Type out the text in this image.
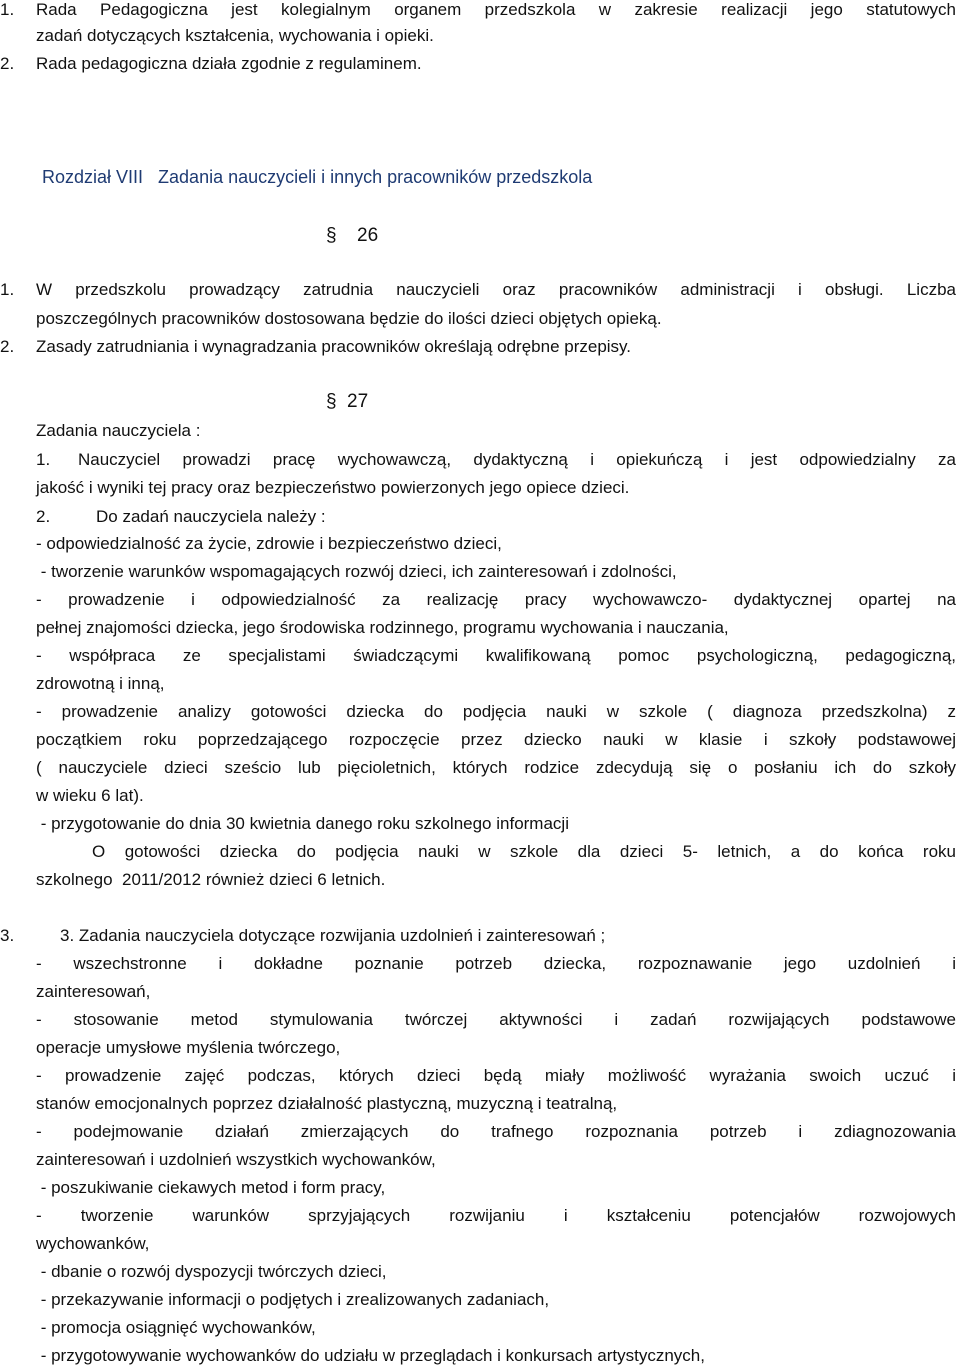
1. Rada Pedagogiczna jest kolegialnym organem przedszkola w zakresie realizacji jego statutowych
zadań dotyczących kształcenia, wychowania i opieki.
2. Rada pedagogiczna działa zgodnie z regulaminem.
Rozdział VIII   Zadania nauczycieli i innych pracowników przedszkola
§ 26
1. W przedszkolu prowadzący zatrudnia nauczycieli oraz pracowników administracji i obsługi. Liczba
poszczególnych pracowników dostosowana będzie do ilości dzieci objętych opieką.
2. Zasady zatrudniania i wynagradzania pracowników określają odrębne przepisy.
§ 27
Zadania nauczyciela :
1. Nauczyciel prowadzi pracę wychowawczą, dydaktyczną i opiekuńczą i jest odpowiedzialny za
jakość i wyniki tej pracy oraz bezpieczeństwo powierzonych jego opiece dzieci.
2.	Do zadań nauczyciela należy :
- odpowiedzialność za życie, zdrowie i bezpieczeństwo dzieci,
- tworzenie warunków wspomagających rozwój dzieci, ich zainteresowań i zdolności,
- prowadzenie i odpowiedzialność za realizację pracy wychowawczo- dydaktycznej opartej na
pełnej znajomości dziecka, jego środowiska rodzinnego, programu wychowania i nauczania,
- współpraca ze specjalistami świadczącymi kwalifikowaną pomoc psychologiczną, pedagogiczną,
zdrowotną i inną,
- prowadzenie analizy gotowości dziecka do podjęcia nauki w szkole ( diagnoza przedszkolna) z
początkiem roku poprzedzającego rozpoczęcie przez dziecko nauki w klasie i szkoły podstawowej
( nauczyciele dzieci sześcio lub pięcioletnich, których rodzice zdecydują się o posłaniu ich do szkoły
w wieku 6 lat).
- przygotowanie do dnia 30 kwietnia danego roku szkolnego informacji
O gotowości dziecka do podjęcia nauki w szkole dla dzieci 5- letnich, a do końca roku
szkolnego  2011/2012 również dzieci 6 letnich.
3.	3. Zadania nauczyciela dotyczące rozwijania uzdolnień i zainteresowań ;
- wszechstronne i dokładne poznanie potrzeb dziecka, rozpoznawanie jego uzdolnień i
zainteresowań,
- stosowanie metod stymulowania twórczej aktywności i zadań rozwijających podstawowe
operacje umysłowe myślenia twórczego,
- prowadzenie zajęć podczas, których dzieci będą miały możliwość wyrażania swoich uczuć i
stanów emocjonalnych poprzez działalność plastyczną, muzyczną i teatralną,
- podejmowanie działań zmierzających do trafnego rozpoznania potrzeb i zdiagnozowania
zainteresowań i uzdolnień wszystkich wychowanków,
- poszukiwanie ciekawych metod i form pracy,
- tworzenie warunków sprzyjających rozwijaniu i kształceniu potencjałów rozwojowych
wychowanków,
- dbanie o rozwój dyspozycji twórczych dzieci,
- przekazywanie informacji o podjętych i zrealizowanych zadaniach,
- promocja osiągnięć wychowanków,
- przygotowywanie wychowanków do udziału w przeglądach i konkursach artystycznych,
